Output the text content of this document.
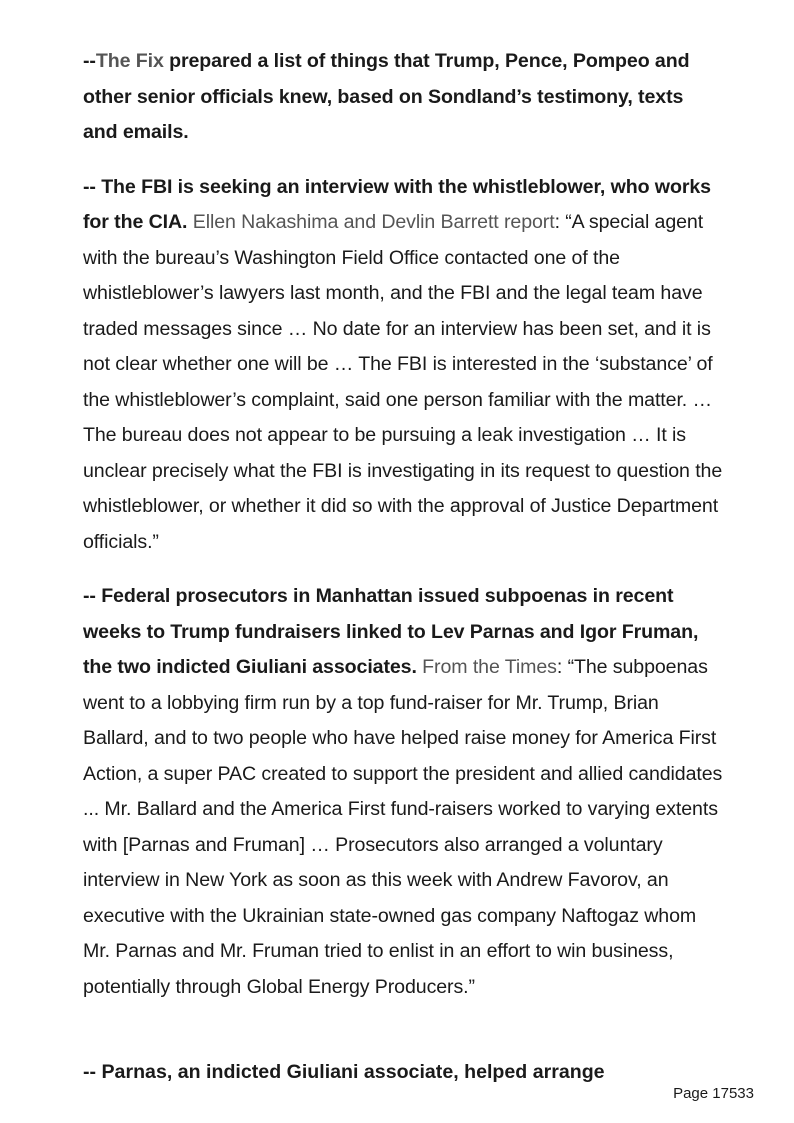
--The Fix prepared a list of things that Trump, Pence, Pompeo and other senior officials knew, based on Sondland’s testimony, texts and emails.

-- The FBI is seeking an interview with the whistleblower, who works for the CIA. Ellen Nakashima and Devlin Barrett report: “A special agent with the bureau’s Washington Field Office contacted one of the whistleblower’s lawyers last month, and the FBI and the legal team have traded messages since … No date for an interview has been set, and it is not clear whether one will be … The FBI is interested in the ‘substance’ of the whistleblower’s complaint, said one person familiar with the matter. … The bureau does not appear to be pursuing a leak investigation … It is unclear precisely what the FBI is investigating in its request to question the whistleblower, or whether it did so with the approval of Justice Department officials.”

-- Federal prosecutors in Manhattan issued subpoenas in recent weeks to Trump fundraisers linked to Lev Parnas and Igor Fruman, the two indicted Giuliani associates. From the Times: “The subpoenas went to a lobbying firm run by a top fund-raiser for Mr. Trump, Brian Ballard, and to two people who have helped raise money for America First Action, a super PAC created to support the president and allied candidates ... Mr. Ballard and the America First fund-raisers worked to varying extents with [Parnas and Fruman] … Prosecutors also arranged a voluntary interview in New York as soon as this week with Andrew Favorov, an executive with the Ukrainian state-owned gas company Naftogaz whom Mr. Parnas and Mr. Fruman tried to enlist in an effort to win business, potentially through Global Energy Producers.”

-- Parnas, an indicted Giuliani associate, helped arrange
Page 17533
